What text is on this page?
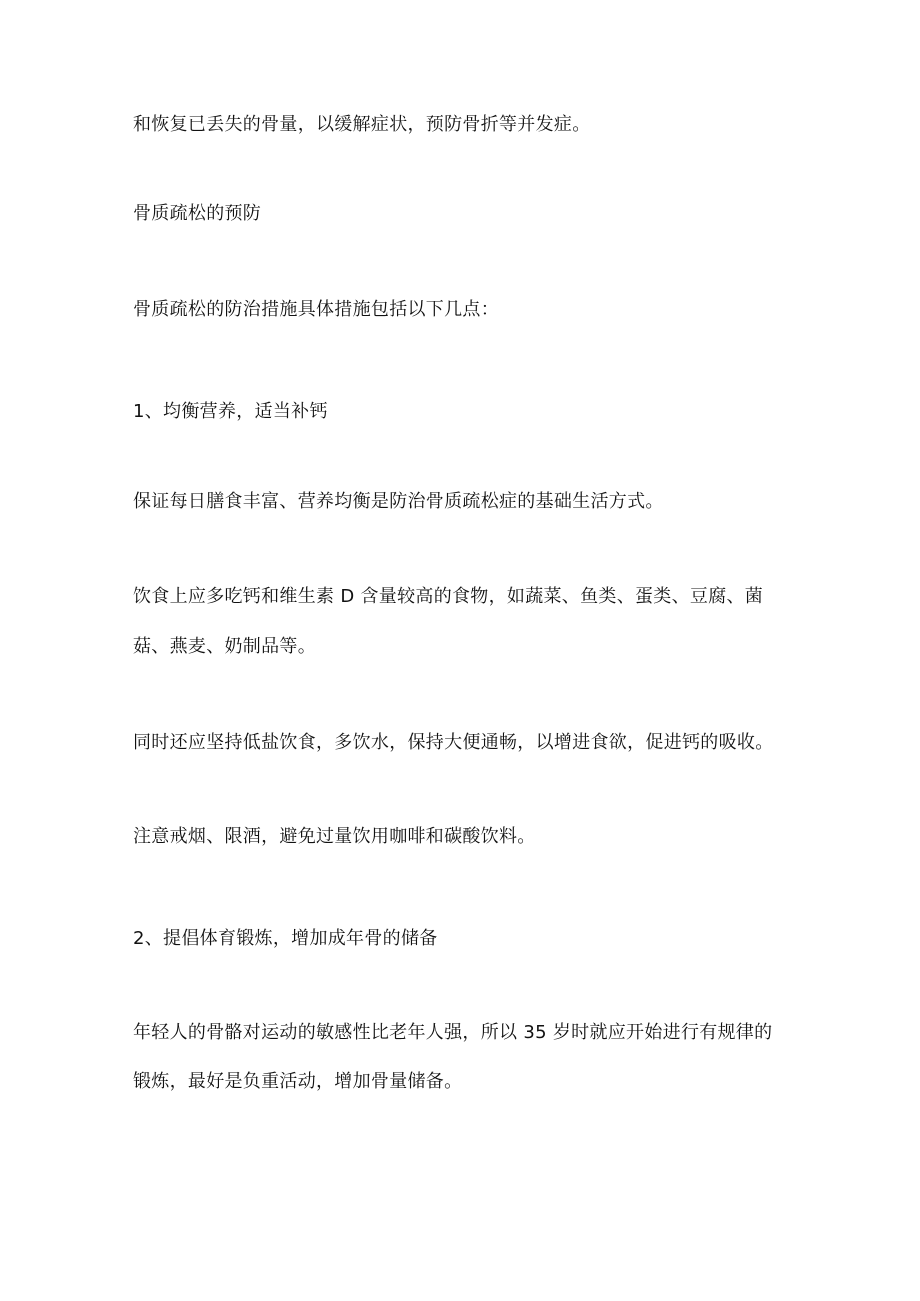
和恢复已丢失的骨量，以缓解症状，预防骨折等并发症。
骨质疏松的预防
骨质疏松的防治措施具体措施包括以下几点：
1、均衡营养，适当补钙
保证每日膳食丰富、营养均衡是防治骨质疏松症的基础生活方式。
饮食上应多吃钙和维生素 D 含量较高的食物，如蔬菜、鱼类、蛋类、豆腐、菌
菇、燕麦、奶制品等。
同时还应坚持低盐饮食，多饮水，保持大便通畅，以增进食欲，促进钙的吸收。
注意戒烟、限酒，避免过量饮用咖啡和碳酸饮料。
2、提倡体育锻炼，增加成年骨的储备
年轻人的骨骼对运动的敏感性比老年人强，所以 35 岁时就应开始进行有规律的
锻炼，最好是负重活动，增加骨量储备。
